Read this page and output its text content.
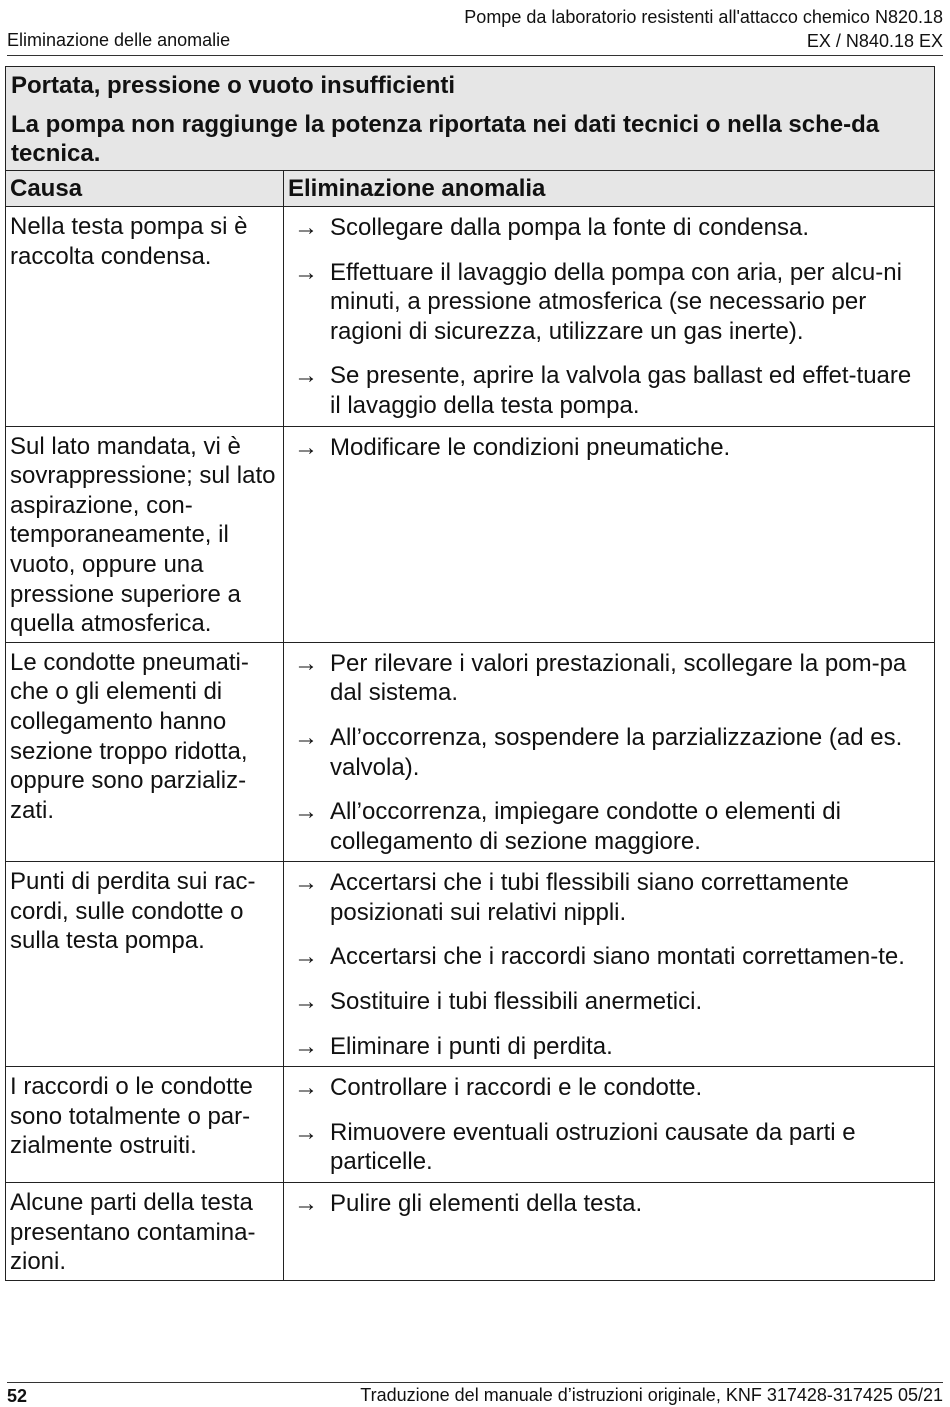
Eliminazione delle anomalie
Pompe da laboratorio resistenti all'attacco chemico N820.18
EX / N840.18 EX
Portata, pressione o vuoto insufficienti
La pompa non raggiunge la potenza riportata nei dati tecnici o nella sche-da tecnica.
Causa	Eliminazione anomalia
Nella testa pompa si è raccolta condensa.
→ Scollegare dalla pompa la fonte di condensa.
→ Effettuare il lavaggio della pompa con aria, per alcu-ni minuti, a pressione atmosferica (se necessario per ragioni di sicurezza, utilizzare un gas inerte).
→ Se presente, aprire la valvola gas ballast ed effet-tuare il lavaggio della testa pompa.
Sul lato mandata, vi è sovrappressione; sul lato aspirazione, con-temporaneamente, il vuoto, oppure una pressione superiore a quella atmosferica.
→ Modificare le condizioni pneumatiche.
Le condotte pneumati-che o gli elementi di collegamento hanno sezione troppo ridotta, oppure sono parzializ-zati.
→ Per rilevare i valori prestazionali, scollegare la pom-pa dal sistema.
→ All’occorrenza, sospendere la parzializzazione (ad es. valvola).
→ All’occorrenza, impiegare condotte o elementi di collegamento di sezione maggiore.
Punti di perdita sui rac-cordi, sulle condotte o sulla testa pompa.
→ Accertarsi che i tubi flessibili siano correttamente posizionati sui relativi nippli.
→ Accertarsi che i raccordi siano montati correttamen-te.
→ Sostituire i tubi flessibili anermetici.
→ Eliminare i punti di perdita.
I raccordi o le condotte sono totalmente o par-zialmente ostruiti.
→ Controllare i raccordi e le condotte.
→ Rimuovere eventuali ostruzioni causate da parti e particelle.
Alcune parti della testa presentano contamina-zioni.
→ Pulire gli elementi della testa.
52	Traduzione del manuale d’istruzioni originale, KNF 317428-317425 05/21
